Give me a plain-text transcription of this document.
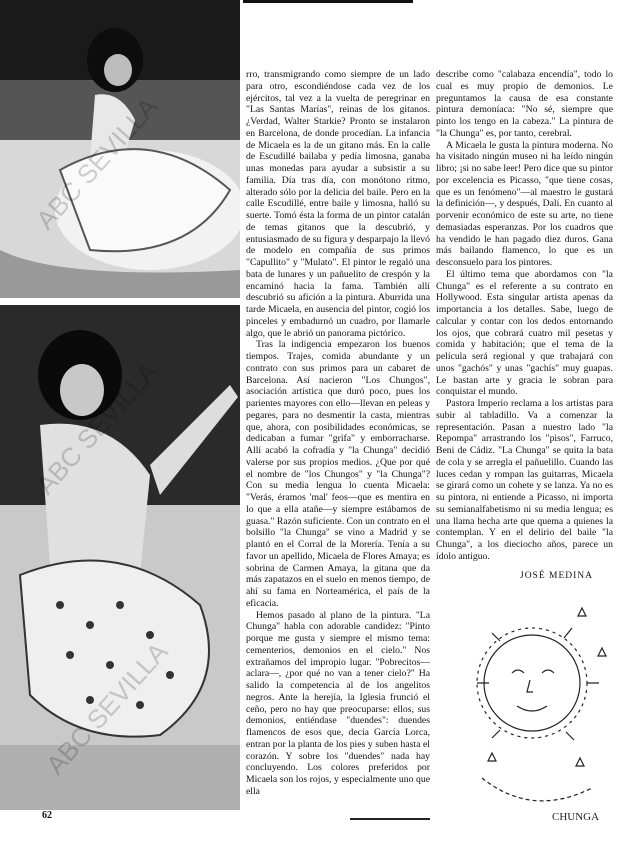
rro, transmigrando como siempre de un lado para otro, escondiéndose cada vez de los ejércitos, tal vez a la vuelta de peregrinar en "Las Santas Marías", reinas de los gitanos. ¿Verdad, Walter Starkie? Pronto se instalaron en Barcelona, de donde procedían. La infancia de Micaela es la de un gitano más. En la calle de Escudillé bailaba y pedía limosna, ganaba unas monedas para ayudar a subsistir a su familia. Día tras día, con monótono ritmo, alterado sólo por la delicia del baile. Pero en la calle Escudillé, entre baile y limosna, halló su suerte. Tomó ésta la forma de un pintor catalán de temas gitanos que la descubrió, y entusiasmado de su figura y desparpajo la llevó de modelo en compañía de sus primos "Capullito" y "Mulato". El pintor le regaló una bata de lunares y un pañuelito de crespón y la encaminó hacia la fama. También allí descubrió su afición a la pintura. Aburrida una tarde Micaela, en ausencia del pintor, cogió los pinceles y embadurnó un cuadro, por llamarle algo, que le abrió un panorama pictórico.

Tras la indigencia empezaron los buenos tiempos. Trajes, comida abundante y un contrato con sus primos para un cabaret de Barcelona. Así nacieron "Los Chungos", asociación artística que duró poco, pues los parientes mayores con ello—llevan en peleas y pegares, para no desmentir la casta, mientras que, ahora, con posibilidades económicas, se dedicaban a fumar "grifa" y emborracharse. Allí acabó la cofradía y "la Chunga" decidió valerse por sus propios medios. ¿Que por qué el nombre de "los Chungos" y "la Chunga"? Con su media lengua lo cuenta Micaela: "Verás, éramos 'mal' feos—que es mentira en lo que a ella atañe—y siempre estábamos de guasa." Razón suficiente. Con un contrato en el bolsillo "la Chunga" se vino a Madrid y se plantó en el Corral de la Morería. Tenía a su favor un apellido, Micaela de Flores Amaya; es sobrina de Carmen Amaya, la gitana que da más zapatazos en el suelo en menos tiempo, de ahí su fama en Norteamérica, el país de la eficacia.

Hemos pasado al plano de la pintura. "La Chunga" habla con adorable candidez: "Pinto porque me gusta y siempre el mismo tema: cementerios, demonios en el cielo." Nos extrañamos del impropio lugar. "Pobrecitos—aclara—, ¿por qué no van a tener cielo?" Ha salido la competencia al de los angelitos negros. Ante la herejía, la Iglesia frunció el ceño, pero no hay que preocuparse: ellos, sus demonios, entiéndase "duendes": duendes flamencos de esos que, decía García Lorca, entran por la planta de los pies y suben hasta el corazón. Y sobre los "duendes" nada hay concluyendo. Los colores preferidos por Micaela son los rojos, y especialmente uno que ella

describe como "calabaza encendía", todo lo cual es muy propio de demonios. Le preguntamos la causa de esa constante pintura demoníaca: "No sé, siempre que pinto los tengo en la cabeza." La pintura de "la Chunga" es, por tanto, cerebral.

A Micaela le gusta la pintura moderna. No ha visitado ningún museo ni ha leído ningún libro; ¡si no sabe leer! Pero dice que su pintor por excelencia es Picasso, "que tiene cosas, que es un fenómeno"—al maestro le gustará la definición—, y después, Dalí. En cuanto al porvenir económico de este su arte, no tiene demasiadas esperanzas. Por los cuadros que ha vendido le han pagado diez duros. Gana más bailando flamenco, lo que es un desconsuelo para los pintores.

El último tema que abordamos con "la Chunga" es el referente a su contrato en Hollywood. Esta singular artista apenas da importancia a los detalles. Sabe, luego de calcular y contar con los dedos entornando los ojos, que cobrará cuatro mil pesetas y comida y habitación; que el tema de la película será regional y que trabajará con unos "gachós" y unas "gachís" muy guapas. Le bastan arte y gracia le sobran para conquistar el mundo.

Pastora Imperio reclama a los artistas para subir al tabladillo. Va a comenzar la representación. Pasan a nuestro lado "la Repompa" arrastrando los "pisos", Farruco, Beni de Cádiz. "La Chunga" se quita la bata de cola y se arregla el pañuelillo. Cuando las luces cedan y rompan las guitarras, Micaela se girará como un cohete y se lanza. Ya no es su pintora, ni entiende a Picasso, ni importa su semianalfabetismo ni su media lengua; es una llama hecha arte que quema a quienes la contemplan. Y en el delirio del baile "la Chunga", a los dieciocho años, parece un ídolo antiguo.

JOSÉ MEDINA
CHUNGA
62
